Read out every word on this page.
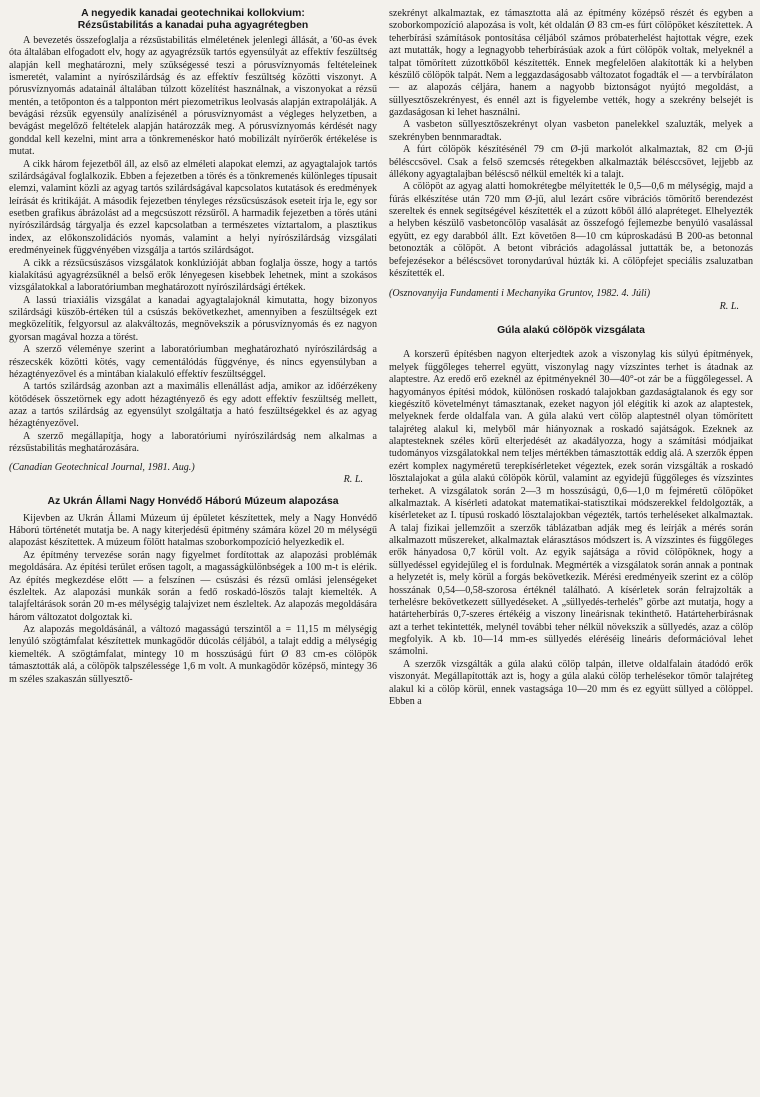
A negyedik kanadai geotechnikai kollokvium:
Rézsűstabilitás a kanadai puha agyagrétegben

A bevezetés összefoglalja a rézsűstabilitás elméletének jelenlegi állását, a '60-as évek óta általában elfogadott elv, hogy az agyagrézsűk tartós egyensúlyát az effektív feszültség alapján kell meghatározni, mely szükségessé teszi a pórusvíznyomás feltételeinek ismeretét, valamint a nyírószilárdság és az effektív feszültség közötti viszonyt. A pórusvíznyomás adatainál általában túlzott közelítést használnak, a viszonyokat a rézsű mentén, a tetőponton és a talpponton mért piezometrikus leolvasás alapján extrapolálják. A bevágási rézsűk egyensúly analízisénél a pórusvíznyomást a végleges helyzetben, a bevágást megelőző feltételek alapján határozzák meg. A pórusvíznyomás kérdését nagy gonddal kell kezelni, mint arra a tönkremenéskor ható mobilizált nyírőerők értékelése is mutat.

A cikk három fejezetből áll, az első az elméleti alapokat elemzi, az agyagtalajok tartós szilárdságával foglalkozik. Ebben a fejezetben a törés és a tönkremenés különleges típusait elemzi, valamint közli az agyag tartós szilárdságával kapcsolatos kutatások és eredmények leírását és kritikáját. A második fejezetben tényleges rézsűcsúszások eseteit írja le, egy sor esetben grafikus ábrázolást ad a megcsúszott rézsűről. A harmadik fejezetben a törés utáni nyírószilárdság tárgyalja és ezzel kapcsolatban a természetes víztartalom, a plasztikus index, az előkonszolidációs nyomás, valamint a helyi nyírószilárdság vizsgálati eredményeinek függvényében vizsgálja a tartós szilárdságot.

A cikk a rézsűcsúszásos vizsgálatok konklúzióját abban foglalja össze, hogy a tartós kialakítású agyagrézsűknél a belső erők lényegesen kisebbek lehetnek, mint a szokásos vizsgálatokkal a laboratóriumban meghatározott nyírószilárdsági értékek.

A lassú triaxiális vizsgálat a kanadai agyagtalajoknál kimutatta, hogy bizonyos szilárdsági küszöb-értéken túl a csúszás bekövetkezhet, amennyiben a feszültségek ezt megközelítik, felgyorsul az alakváltozás, megnövekszik a pórusvíznyomás és ez nagyon gyorsan magával hozza a törést.

A szerző véleménye szerint a laboratóriumban meghatározható nyírószilárdság a részecskék közötti kötés, vagy cementálódás függvénye, és nincs egyensúlyban a hézagtényezővel és a mintában kialakuló effektív feszültséggel.

A tartós szilárdság azonban azt a maximális ellenállást adja, amikor az időérzékeny kötődések összetörnek egy adott hézagtényező és egy adott effektív feszültség mellett, azaz a tartós szilárdság az egyensúlyt szolgáltatja a ható feszültségekkel és az agyag hézagtényezővel.

A szerző megállapítja, hogy a laboratóriumi nyírószilárdság nem alkalmas a rézsűstabilitás meghatározására.

(Canadian Geotechnical Journal, 1981. Aug.)

R. L.

Az Ukrán Állami Nagy Honvédő Háború Múzeum alapozása

Kijevben az Ukrán Állami Múzeum új épületet készítettek, mely a Nagy Honvédő Háború történetét mutatja be. A nagy kiterjedésű épitmény számára közel 20 m mélységű alapozást készítettek. A múzeum fölött hatalmas szoborkompozíció helyezkedik el.

Az építmény tervezése során nagy figyelmet fordítottak az alapozási problémák megoldására. Az építési terület erősen tagolt, a magasságkülönbségek a 100 m-t is elérik. Az építés megkezdése előtt — a felszínen — csúszási és rézsű omlási jelenségeket észleltek. Az alapozási munkák során a fedő roskadó-löszös talajt kiemelték. A talajfeltárások során 20 m-es mélységig talajvizet nem észleltek. Az alapozás megoldására három változatot dolgoztak ki.

Az alapozás megoldásánál, a változó magasságú terszintől a = 11,15 m mélységig lenyúló szögtámfalat készítettek munkagödör dúcolás céljából, a talajt eddig a mélységig kiemelték. A szögtámfalat, mintegy 10 m hosszúságú fúrt Ø 83 cm-es cölöpök támasztották alá, a cölöpök talpszélessége 1,6 m volt. A munkagödör középső, mintegy 36 m széles szakaszán süllyesztő-

szekrényt alkalmaztak, ez támasztotta alá az építmény középső részét és egyben a szoborkompozíció alapozása is volt, két oldalán Ø 83 cm-es fúrt cölöpöket készítettek. A teherbírási számítások pontosítása céljából számos próbaterhelést hajtottak végre, ezek azt mutatták, hogy a legnagyobb teherbírásúak azok a fúrt cölöpök voltak, melyeknél a talpat tömörített zúzottkőből készítették. Ennek megfelelően alakították ki a helyben készülő cölöpök talpát. Nem a leggazdaságosabb változatot fogadták el — a tervbírálaton — az alapozás céljára, hanem a nagyobb biztonságot nyújtó megoldást, a süllyesztőszekrényest, és ennél azt is figyelembe vették, hogy a szekrény belsejét is gazdaságosan ki lehet használni.

A vasbeton süllyesztőszekrényt olyan vasbeton panelekkel szaluzták, melyek a szekrényben bennmaradtak.

A fúrt cölöpök készítésénél 79 cm Ø-jű markolót alkalmaztak, 82 cm Ø-jű bélésccsövel. Csak a felső szemcsés rétegekben alkalmazták bélésccsövet, lejjebb az állékony agyagtalajban béléscső nélkül emelték ki a talajt.

A cölöpöt az agyag alatti homokrétegbe mélyítették le 0,5—0,6 m mélységig, majd a fúrás elkészítése után 720 mm Ø-jű, alul lezárt csőre vibrációs tömörítő berendezést szereltek és ennek segítségével készítették el a zúzott kőből álló alapréteget. Elhelyezték a helyben készülő vasbetoncölöp vasalását az összefogó fejlemezbe benyúló vasalással együtt, ez egy darabból állt. Ezt követően 8—10 cm kúproskadású B 200-as betonnal betonozták a cölöpöt. A betont vibrációs adagolással juttatták be, a betonozás befejezésekor a béléscsövet toronydarúval húzták ki. A cölöpfejet speciális zsaluzatban készítették el.

(Osznovanyija Fundamenti i Mechanyika Gruntov, 1982. 4. Júli)

R. L.

Gúla alakú cölöpök vizsgálata

A korszerű építésben nagyon elterjedtek azok a viszonylag kis súlyú építmények, melyek függőleges teherrel együtt, viszonylag nagy vízszintes terhet is átadnak az alaptestre. Az eredő erő ezeknél az épitményeknél 30—40°-ot zár be a függőlegessel. A hagyományos építési módok, különösen roskadó talajokban gazdaságtalanok és egy sor kiegészítő követelményt támasztanak, ezeket nagyon jól elégítik ki azok az alaptestek, melyeknek ferde oldalfala van. A gúla alakú vert cölöp alaptestnél olyan tömörített talajréteg alakul ki, melyből már hiányoznak a roskadó sajátságok. Ezeknek az alaptesteknek széles körű elterjedését az akadályozza, hogy a számítási módjaikat tudományos vizsgálatokkal nem teljes mértékben támasztották eddig alá. A szerzők éppen ezért komplex nagyméretű terepkísérleteket végeztek, ezek során vizsgálták a roskadó lösztalajokat a gúla alakú cölöpök körül, valamint az egyidejű függőleges és vízszintes terheket. A vizsgálatok során 2—3 m hosszúságú, 0,6—1,0 m fejméretű cölöpöket alkalmaztak. A kísérleti adatokat matematikai-statisztikai módszerekkel feldolgozták, a kísérleteket az I. típusú roskadó lösztalajokban végezték, tartós terheléseket alkalmaztak. A talaj fizikai jellemzőit a szerzők táblázatban adják meg és leírják a mérés során alkalmazott műszereket, alkalmaztak elárasztásos módszert is. A vízszintes és függőleges erők hányadosa 0,7 körül volt. Az egyik sajátsága a rövid cölöpöknek, hogy a süllyedéssel egyidejűleg el is fordulnak. Megmérték a vizsgálatok során annak a pontnak a helyzetét is, mely körül a forgás bekövetkezik. Mérési eredményeik szerint ez a cölöp hosszának 0,54—0,58-szorosa értéknél található. A kísérletek során felrajzolták a terhelésre bekövetkezett süllyedéseket. A „süllyedés-terhelés” görbe azt mutatja, hogy a határteherbírás 0,7-szeres értékéig a viszony lineárisnak tekinthető. Határteherbírásnak azt a terhet tekintették, melynél további teher nélkül növekszik a süllyedés, azaz a cölöp megfolyik. A kb. 10—14 mm-es süllyedés eléréséig lineáris deformációval lehet számolni.

A szerzők vizsgálták a gúla alakú cölöp talpán, illetve oldalfalain átadódó erők viszonyát. Megállapították azt is, hogy a gúla alakú cölöp terhelésekor tömör talajréteg alakul ki a cölöp körül, ennek vastagsága 10—20 mm és ez együtt süllyed a cölöppel. Ebben a
